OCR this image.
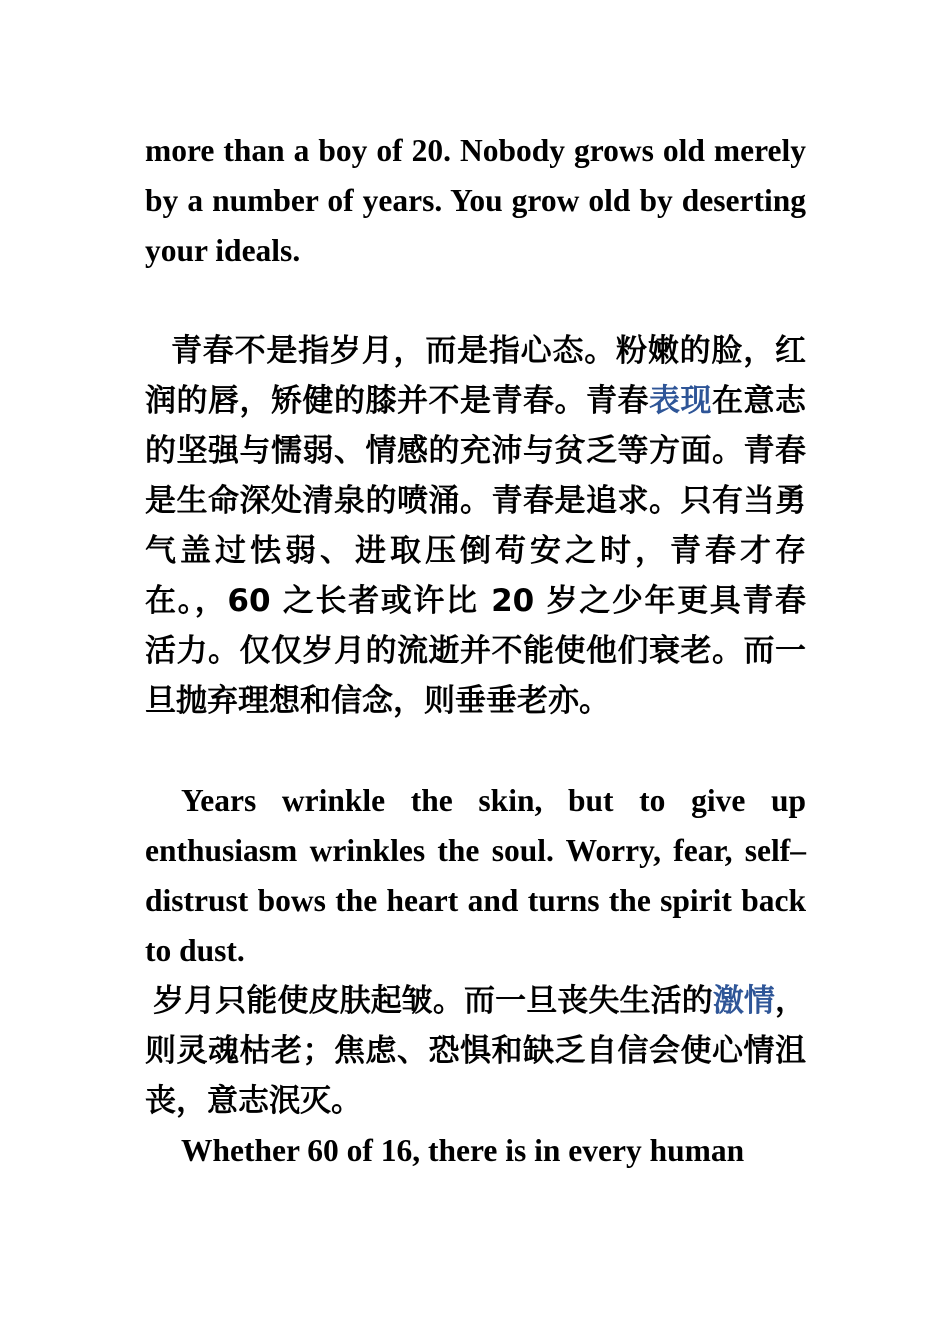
more than a boy of 20. Nobody grows old merely by a number of years. You grow old by deserting your ideals.

青春不是指岁月，而是指心态。粉嫩的脸，红润的唇，矫健的膝并不是青春。青春表现在意志的坚强与懦弱、情感的充沛与贫乏等方面。青春是生命深处清泉的喷涌。青春是追求。只有当勇气盖过怯弱、进取压倒苟安之时，青春才存在。，60 之长者或许比 20 岁之少年更具青春活力。仅仅岁月的流逝并不能使他们衰老。而一旦抛弃理想和信念，则垂垂老亦。

Years wrinkle the skin, but to give up enthusiasm wrinkles the soul. Worry, fear, self–distrust bows the heart and turns the spirit back to dust.

岁月只能使皮肤起皱。而一旦丧失生活的激情，则灵魂枯老；焦虑、恐惧和缺乏自信会使心情沮丧，意志泯灭。

Whether 60 of 16, there is in every human
